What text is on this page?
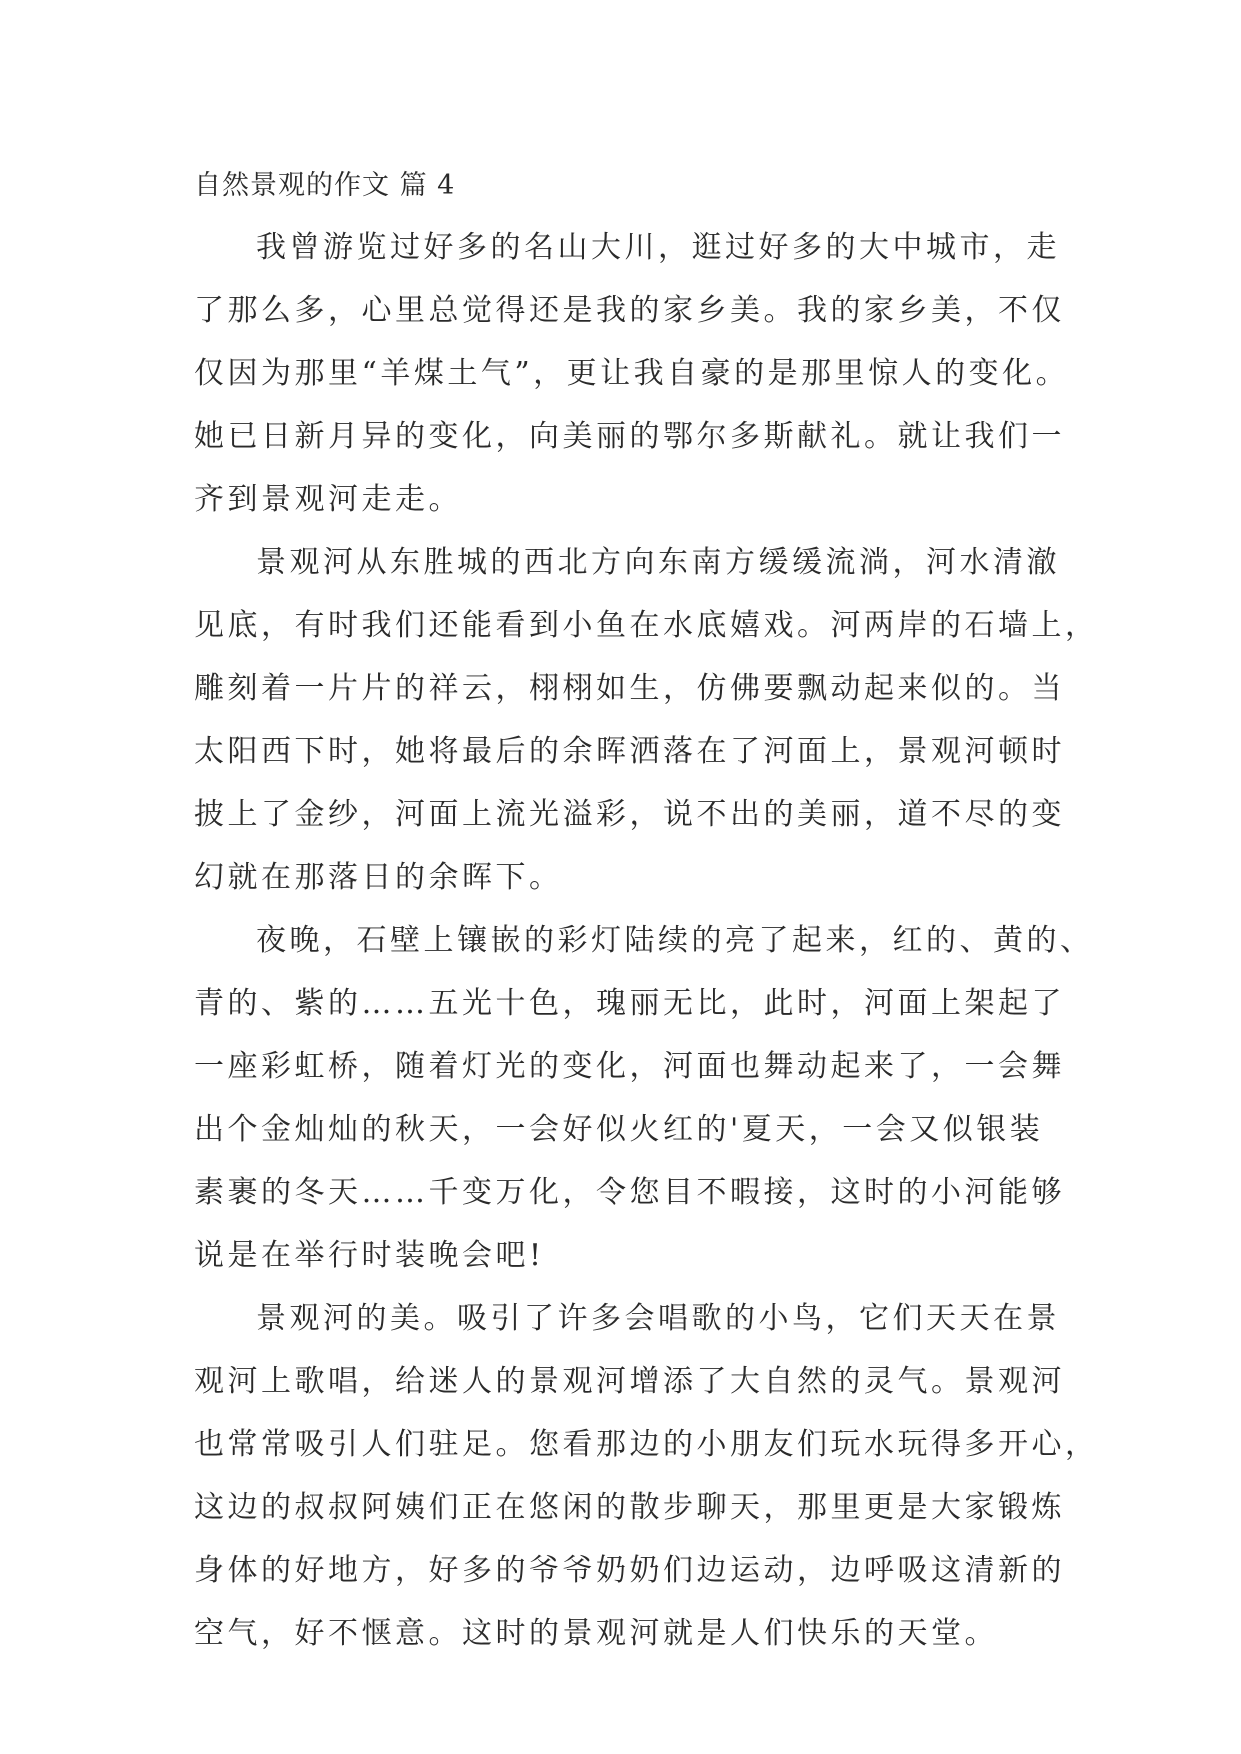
自然景观的作文 篇 4
我曾游览过好多的名山大川，逛过好多的大中城市，走
了那么多，心里总觉得还是我的家乡美。我的家乡美，不仅
仅因为那里“羊煤土气”，更让我自豪的是那里惊人的变化。
她已日新月异的变化，向美丽的鄂尔多斯献礼。就让我们一
齐到景观河走走。
景观河从东胜城的西北方向东南方缓缓流淌，河水清澈
见底，有时我们还能看到小鱼在水底嬉戏。河两岸的石墙上，
雕刻着一片片的祥云，栩栩如生，仿佛要飘动起来似的。当
太阳西下时，她将最后的余晖洒落在了河面上，景观河顿时
披上了金纱，河面上流光溢彩，说不出的美丽，道不尽的变
幻就在那落日的余晖下。
夜晚，石壁上镶嵌的彩灯陆续的亮了起来，红的、黄的、
青的、紫的……五光十色，瑰丽无比，此时，河面上架起了
一座彩虹桥，随着灯光的变化，河面也舞动起来了，一会舞
出个金灿灿的秋天，一会好似火红的'夏天，一会又似银装
素裹的冬天……千变万化，令您目不暇接，这时的小河能够
说是在举行时装晚会吧!
景观河的美。吸引了许多会唱歌的小鸟，它们天天在景
观河上歌唱，给迷人的景观河增添了大自然的灵气。景观河
也常常吸引人们驻足。您看那边的小朋友们玩水玩得多开心，
这边的叔叔阿姨们正在悠闲的散步聊天，那里更是大家锻炼
身体的好地方，好多的爷爷奶奶们边运动，边呼吸这清新的
空气，好不惬意。这时的景观河就是人们快乐的天堂。
